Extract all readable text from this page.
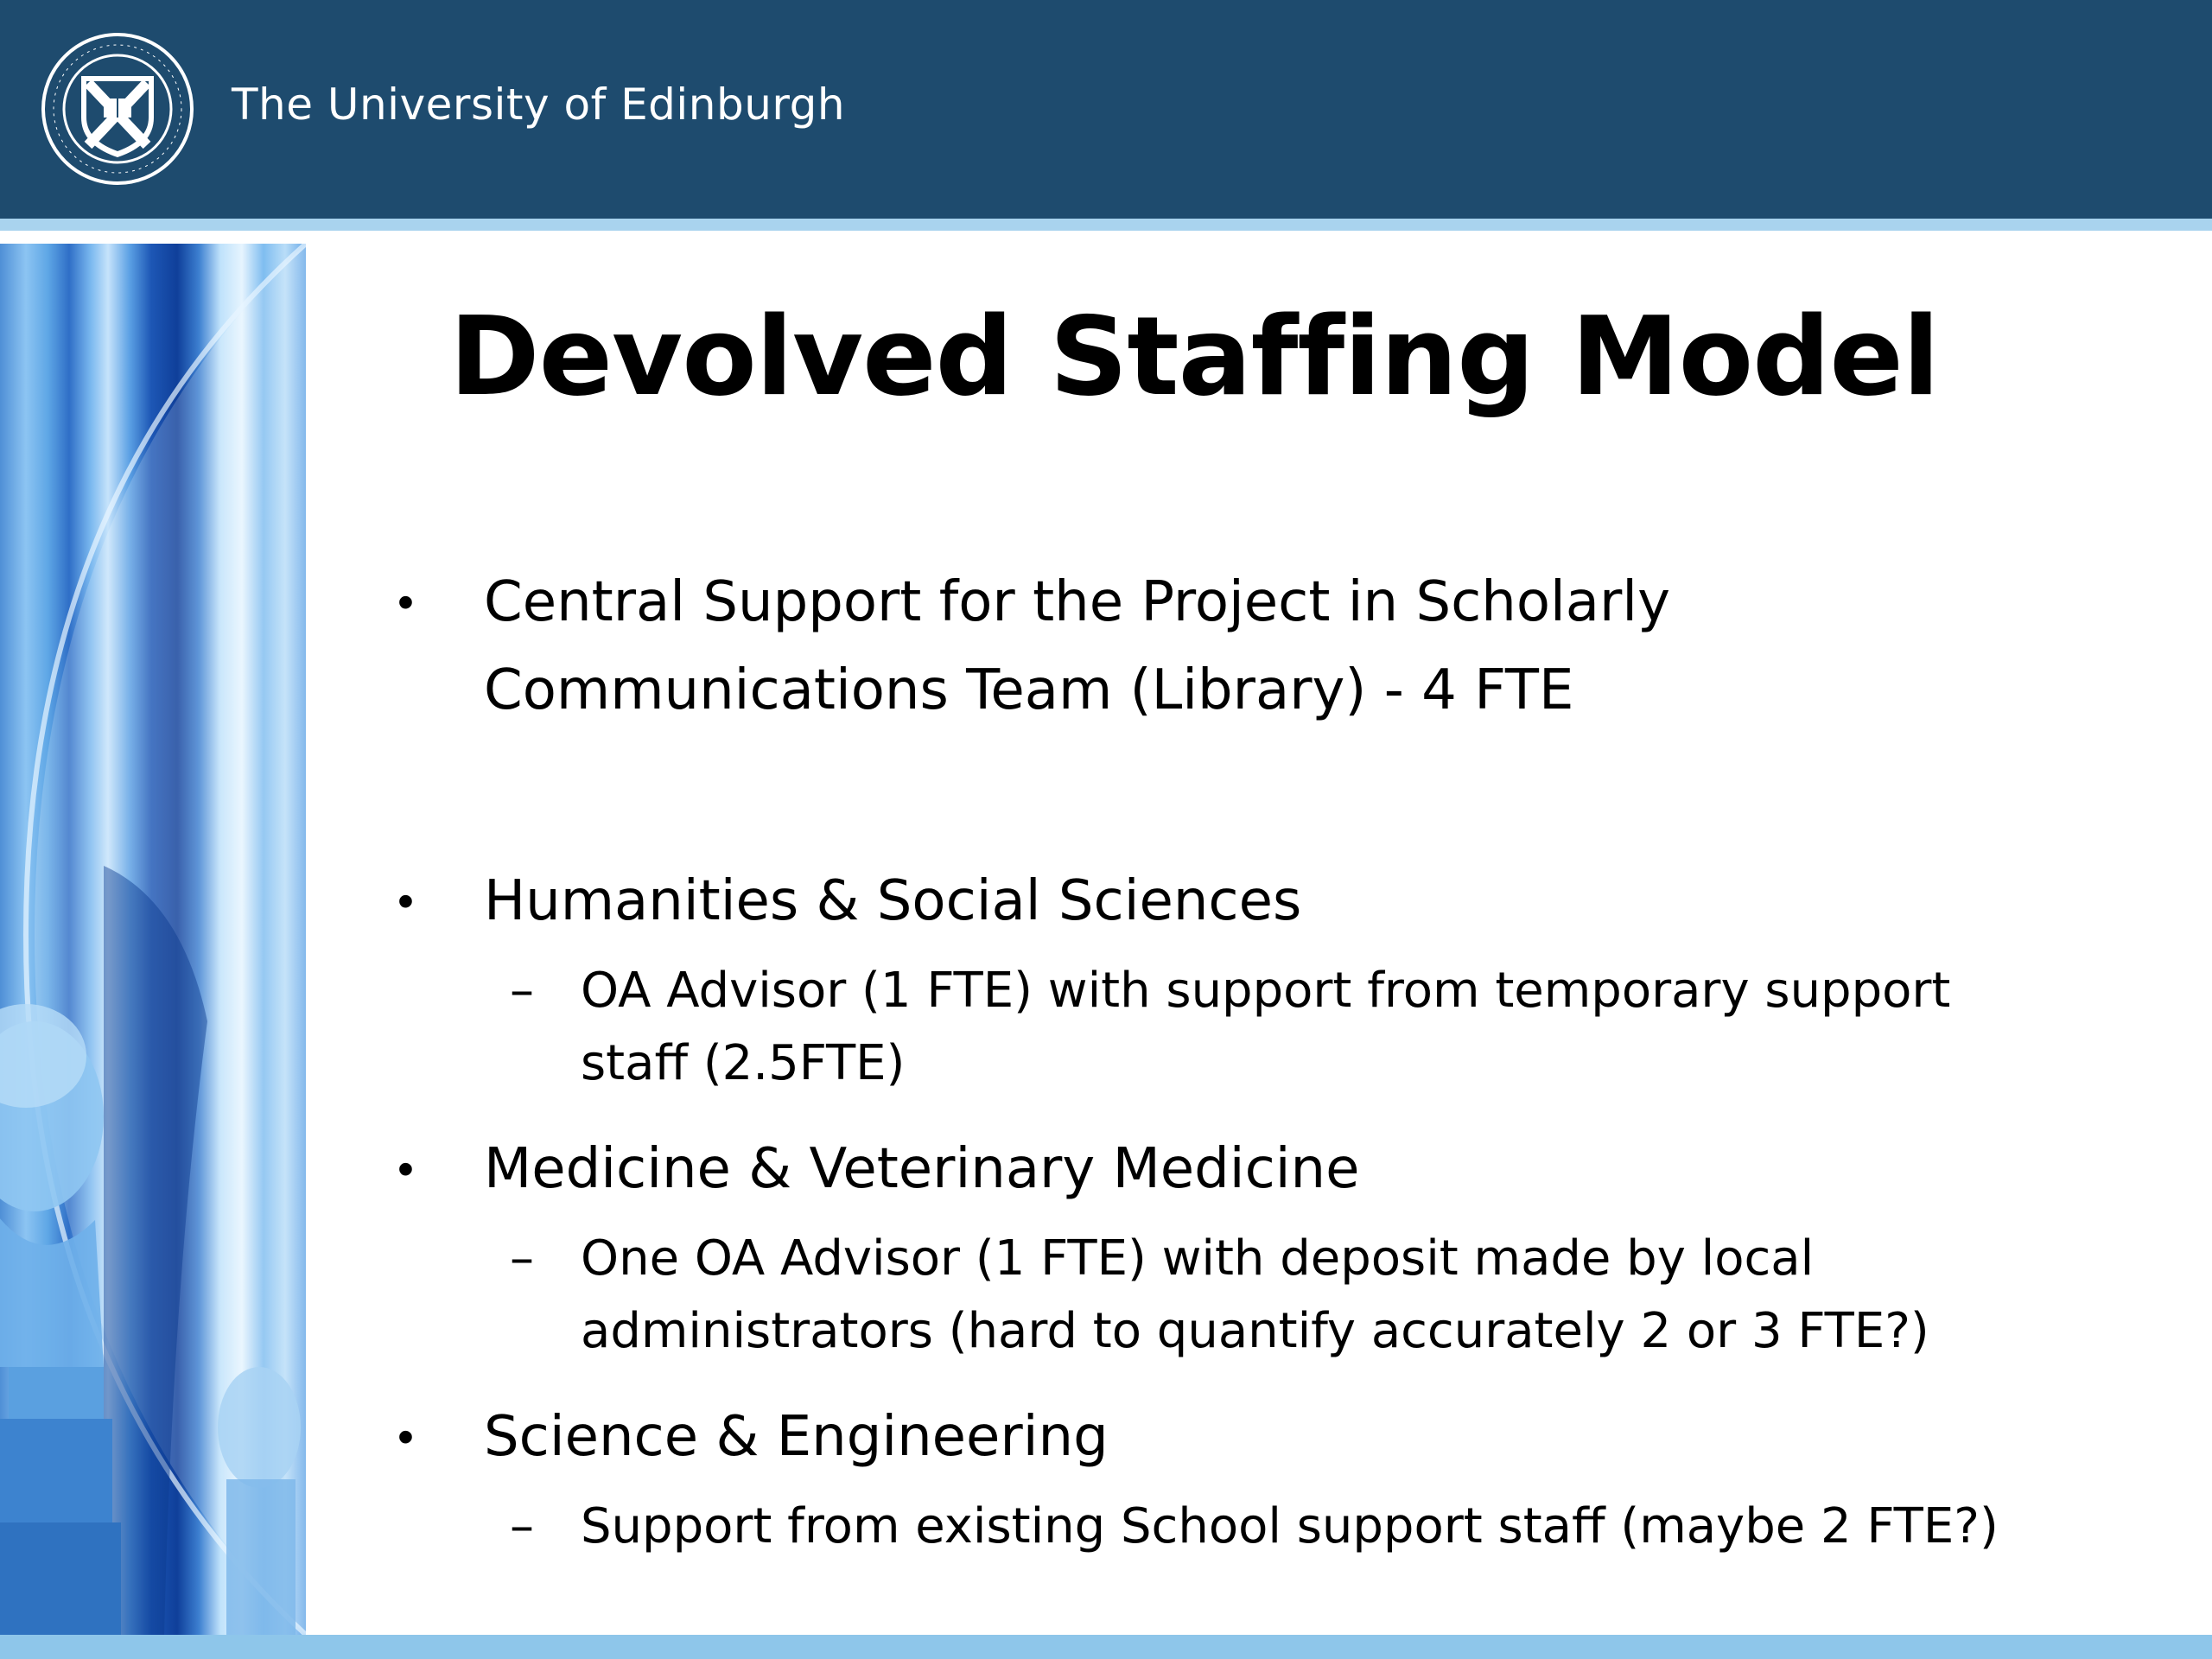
The University of Edinburgh
Devolved Staffing Model
• Central Support for the Project in Scholarly
Communications Team (Library) - 4 FTE
• Humanities & Social Sciences
– OA Advisor (1 FTE) with support from temporary support
staff (2.5FTE)
• Medicine & Veterinary Medicine
– One OA Advisor (1 FTE) with deposit made by local
administrators (hard to quantify accurately 2 or 3 FTE?)
• Science & Engineering
– Support from existing School support staff (maybe 2 FTE?)
